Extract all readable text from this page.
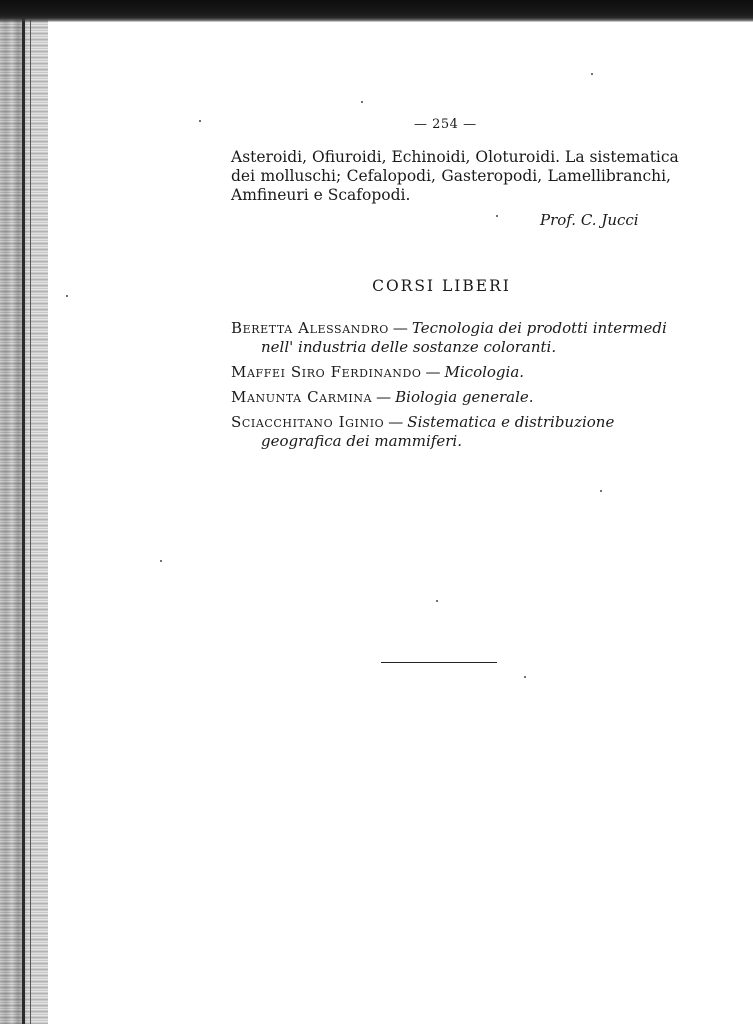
— 254 —
Asteroidi, Ofiuroidi, Echinoidi, Oloturoidi. La sistematica
dei molluschi; Cefalopodi, Gasteropodi, Lamellibranchi,
Amfineuri e Scafopodi.
Prof. C. Jucci
CORSI LIBERI
Beretta Alessandro — Tecnologia dei prodotti intermedi nell' industria delle sostanze coloranti.
Maffei Siro Ferdinando — Micologia.
Manunta Carmina — Biologia generale.
Sciacchitano Iginio — Sistematica e distribuzione geografica dei mammiferi.
